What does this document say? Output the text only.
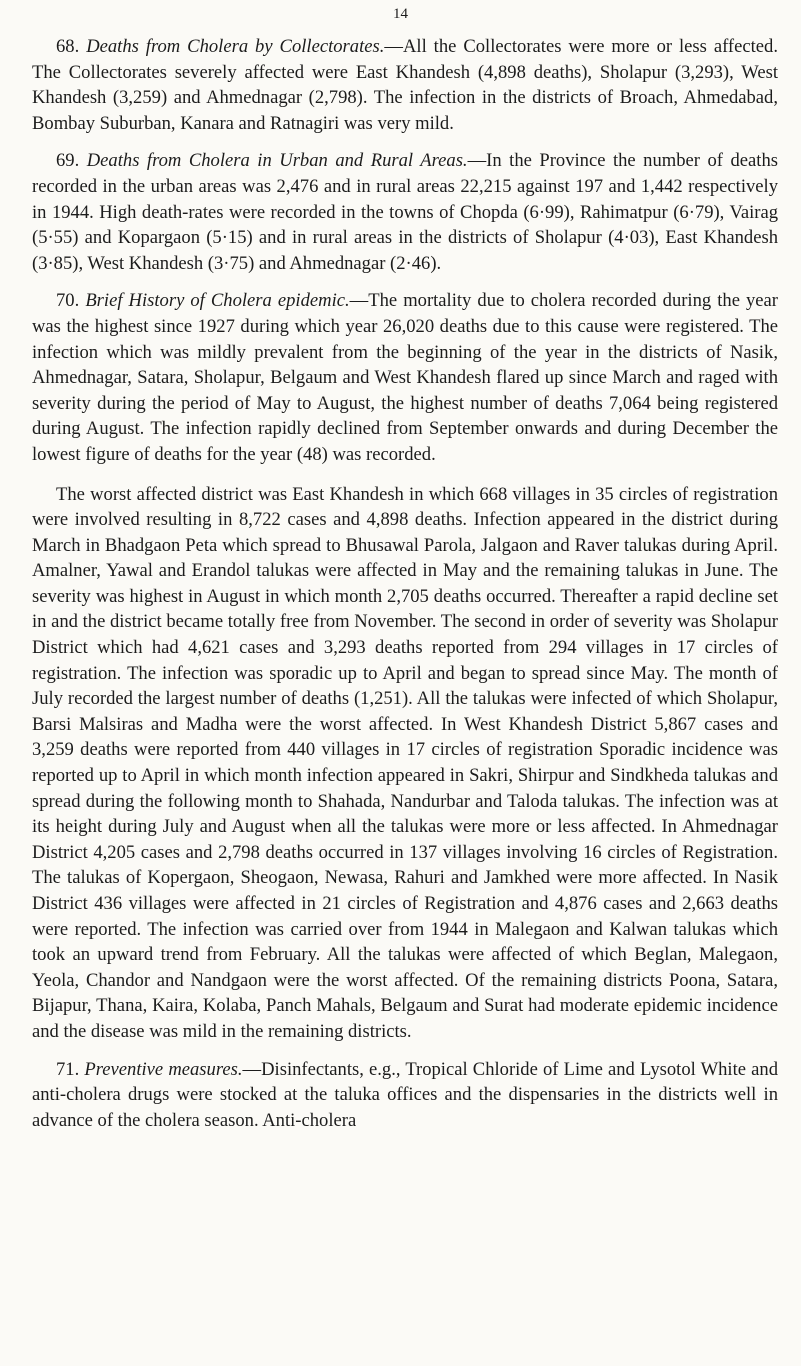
14

68. Deaths from Cholera by Collectorates.—All the Collectorates were more or less affected. The Collectorates severely affected were East Khandesh (4,898 deaths), Sholapur (3,293), West Khandesh (3,259) and Ahmednagar (2,798). The infection in the districts of Broach, Ahmedabad, Bombay Suburban, Kanara and Ratnagiri was very mild.

69. Deaths from Cholera in Urban and Rural Areas.—In the Province the number of deaths recorded in the urban areas was 2,476 and in rural areas 22,215 against 197 and 1,442 respectively in 1944. High death-rates were recorded in the towns of Chopda (6·99), Rahimatpur (6·79), Vairag (5·55) and Kopargaon (5·15) and in rural areas in the districts of Sholapur (4·03), East Khandesh (3·85), West Khandesh (3·75) and Ahmednagar (2·46).

70. Brief History of Cholera epidemic.—The mortality due to cholera recorded during the year was the highest since 1927 during which year 26,020 deaths due to this cause were registered. The infection which was mildly prevalent from the beginning of the year in the districts of Nasik, Ahmednagar, Satara, Sholapur, Belgaum and West Khandesh flared up since March and raged with severity during the period of May to August, the highest number of deaths 7,064 being registered during August. The infection rapidly declined from September onwards and during December the lowest figure of deaths for the year (48) was recorded.

The worst affected district was East Khandesh in which 668 villages in 35 circles of registration were involved resulting in 8,722 cases and 4,898 deaths. Infection appeared in the district during March in Bhadgaon Peta which spread to Bhusawal Parola, Jalgaon and Raver talukas during April. Amalner, Yawal and Erandol talukas were affected in May and the remaining talukas in June. The severity was highest in August in which month 2,705 deaths occurred. Thereafter a rapid decline set in and the district became totally free from November. The second in order of severity was Sholapur District which had 4,621 cases and 3,293 deaths reported from 294 villages in 17 circles of registration. The infection was sporadic up to April and began to spread since May. The month of July recorded the largest number of deaths (1,251). All the talukas were infected of which Sholapur, Barsi Malsiras and Madha were the worst affected. In West Khandesh District 5,867 cases and 3,259 deaths were reported from 440 villages in 17 circles of registration Sporadic incidence was reported up to April in which month infection appeared in Sakri, Shirpur and Sindkheda talukas and spread during the following month to Shahada, Nandurbar and Taloda talukas. The infection was at its height during July and August when all the talukas were more or less affected. In Ahmednagar District 4,205 cases and 2,798 deaths occurred in 137 villages involving 16 circles of Registration. The talukas of Kopergaon, Sheogaon, Newasa, Rahuri and Jamkhed were more affected. In Nasik District 436 villages were affected in 21 circles of Registration and 4,876 cases and 2,663 deaths were reported. The infection was carried over from 1944 in Malegaon and Kalwan talukas which took an upward trend from February. All the talukas were affected of which Beglan, Malegaon, Yeola, Chandor and Nandgaon were the worst affected. Of the remaining districts Poona, Satara, Bijapur, Thana, Kaira, Kolaba, Panch Mahals, Belgaum and Surat had moderate epidemic incidence and the disease was mild in the remaining districts.

71. Preventive measures.—Disinfectants, e.g., Tropical Chloride of Lime and Lysotol White and anti-cholera drugs were stocked at the taluka offices and the dispensaries in the districts well in advance of the cholera season. Anti-cholera
